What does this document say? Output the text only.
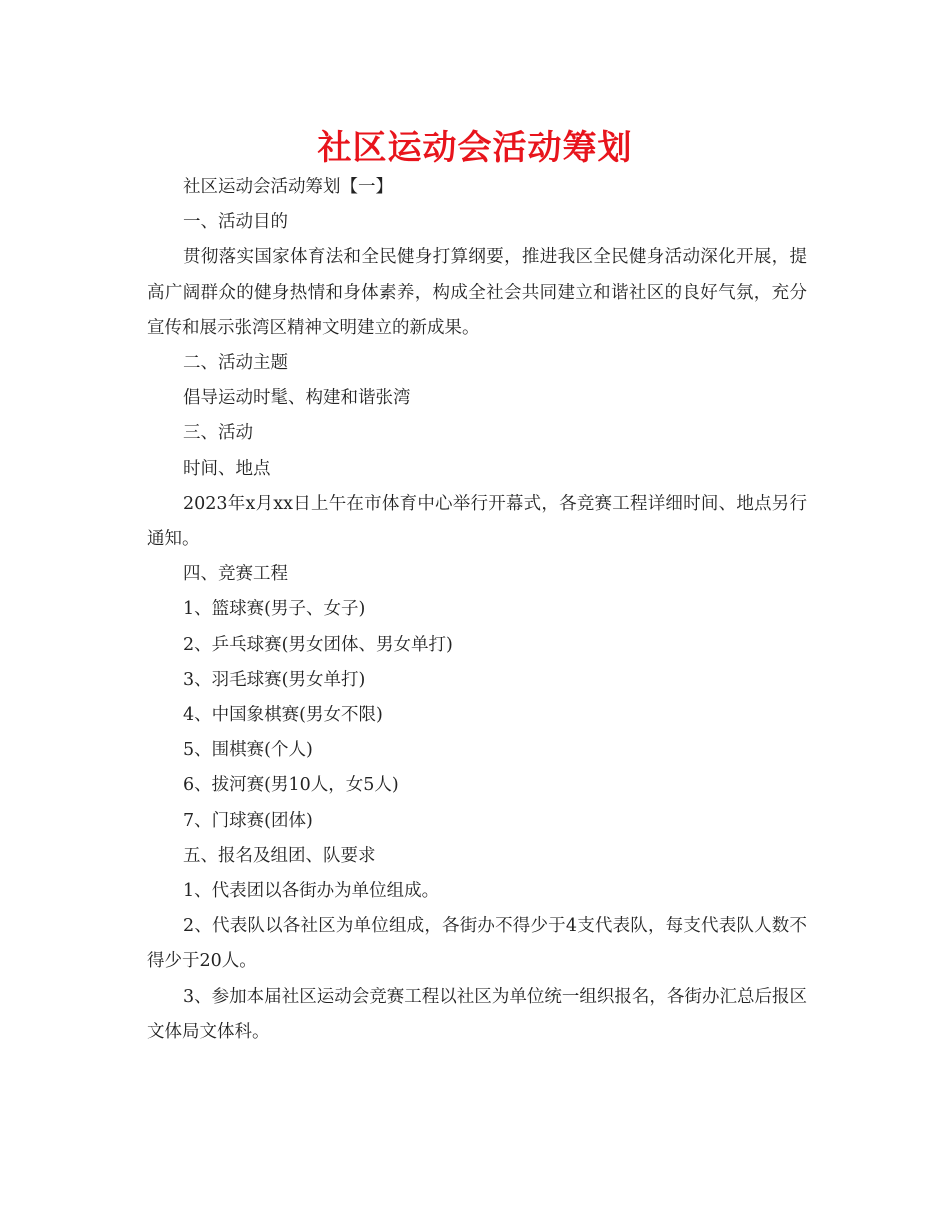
社区运动会活动筹划

社区运动会活动筹划【一】

一、活动目的

贯彻落实国家体育法和全民健身打算纲要，推进我区全民健身活动深化开展，提高广阔群众的健身热情和身体素养，构成全社会共同建立和谐社区的良好气氛，充分宣传和展示张湾区精神文明建立的新成果。

二、活动主题

倡导运动时髦、构建和谐张湾

三、活动

时间、地点

2023年x月xx日上午在市体育中心举行开幕式，各竞赛工程详细时间、地点另行通知。

四、竞赛工程

1、篮球赛(男子、女子)

2、乒乓球赛(男女团体、男女单打)

3、羽毛球赛(男女单打)

4、中国象棋赛(男女不限)

5、围棋赛(个人)

6、拔河赛(男10人，女5人)

7、门球赛(团体)

五、报名及组团、队要求

1、代表团以各街办为单位组成。

2、代表队以各社区为单位组成，各街办不得少于4支代表队，每支代表队人数不得少于20人。

3、参加本届社区运动会竞赛工程以社区为单位统一组织报名，各街办汇总后报区文体局文体科。
